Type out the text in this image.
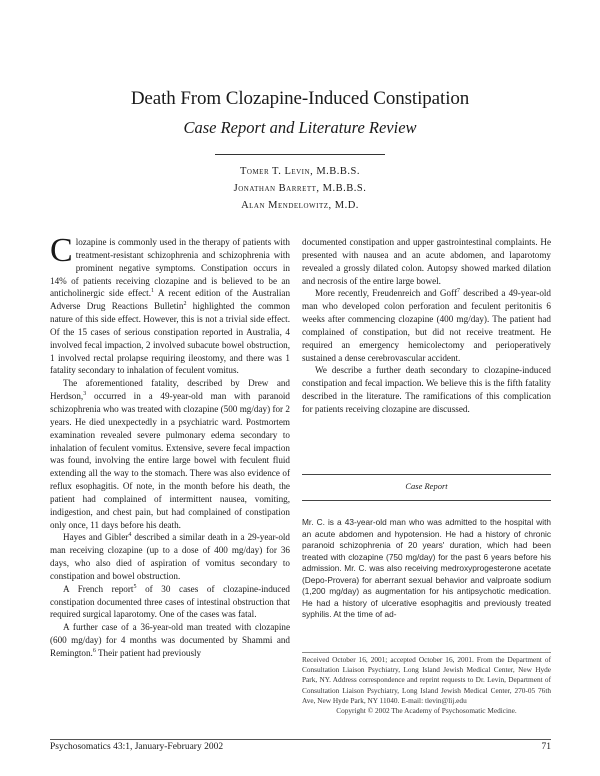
Death From Clozapine-Induced Constipation
Case Report and Literature Review
Tomer T. Levin, M.B.B.S.
Jonathan Barrett, M.B.B.S.
Alan Mendelowitz, M.D.

Clozapine is commonly used in the therapy of patients with treatment-resistant schizophrenia and schizophrenia with prominent negative symptoms. Constipation occurs in 14% of patients receiving clozapine and is believed to be an anticholinergic side effect.$^1$ A recent edition of the Australian Adverse Drug Reactions Bulletin$^2$ highlighted the common nature of this side effect. However, this is not a trivial side effect. Of the 15 cases of serious constipation reported in Australia, 4 involved fecal impaction, 2 involved subacute bowel obstruction, 1 involved rectal prolapse requiring ileostomy, and there was 1 fatality secondary to inhalation of feculent vomitus.

The aforementioned fatality, described by Drew and Herdson,$^3$ occurred in a 49-year-old man with paranoid schizophrenia who was treated with clozapine (500 mg/day) for 2 years. He died unexpectedly in a psychiatric ward. Postmortem examination revealed severe pulmonary edema secondary to inhalation of feculent vomitus. Extensive, severe fecal impaction was found, involving the entire large bowel with feculent fluid extending all the way to the stomach. There was also evidence of reflux esophagitis. Of note, in the month before his death, the patient had complained of intermittent nausea, vomiting, indigestion, and chest pain, but had complained of constipation only once, 11 days before his death.

Hayes and Gibler$^4$ described a similar death in a 29-year-old man receiving clozapine (up to a dose of 400 mg/day) for 36 days, who also died of aspiration of vomitus secondary to constipation and bowel obstruction.

A French report$^5$ of 30 cases of clozapine-induced constipation documented three cases of intestinal obstruction that required surgical laparotomy. One of the cases was fatal.

A further case of a 36-year-old man treated with clozapine (600 mg/day) for 4 months was documented by Shammi and Remington.$^6$ Their patient had previously

documented constipation and upper gastrointestinal complaints. He presented with nausea and an acute abdomen, and laparotomy revealed a grossly dilated colon. Autopsy showed marked dilation and necrosis of the entire large bowel.

More recently, Freudenreich and Goff$^7$ described a 49-year-old man who developed colon perforation and feculent peritonitis 6 weeks after commencing clozapine (400 mg/day). The patient had complained of constipation, but did not receive treatment. He required an emergency hemicolectomy and perioperatively sustained a dense cerebrovascular accident.

We describe a further death secondary to clozapine-induced constipation and fecal impaction. We believe this is the fifth fatality described in the literature. The ramifications of this complication for patients receiving clozapine are discussed.

Case Report
Mr. C. is a 43-year-old man who was admitted to the hospital with an acute abdomen and hypotension. He had a history of chronic paranoid schizophrenia of 20 years' duration, which had been treated with clozapine (750 mg/day) for the past 6 years before his admission. Mr. C. was also receiving medroxyprogesterone acetate (Depo-Provera) for aberrant sexual behavior and valproate sodium (1,200 mg/day) as augmentation for his antipsychotic medication. He had a history of ulcerative esophagitis and previously treated syphilis. At the time of ad-

Received October 16, 2001; accepted October 16, 2001. From the Department of Consultation Liaison Psychiatry, Long Island Jewish Medical Center, New Hyde Park, NY. Address correspondence and reprint requests to Dr. Levin, Department of Consultation Liaison Psychiatry, Long Island Jewish Medical Center, 270-05 76th Ave, New Hyde Park, NY 11040. E-mail: tlevin@lij.edu

Copyright © 2002 The Academy of Psychosomatic Medicine.

Psychosomatics 43:1, January-February 2002	71
